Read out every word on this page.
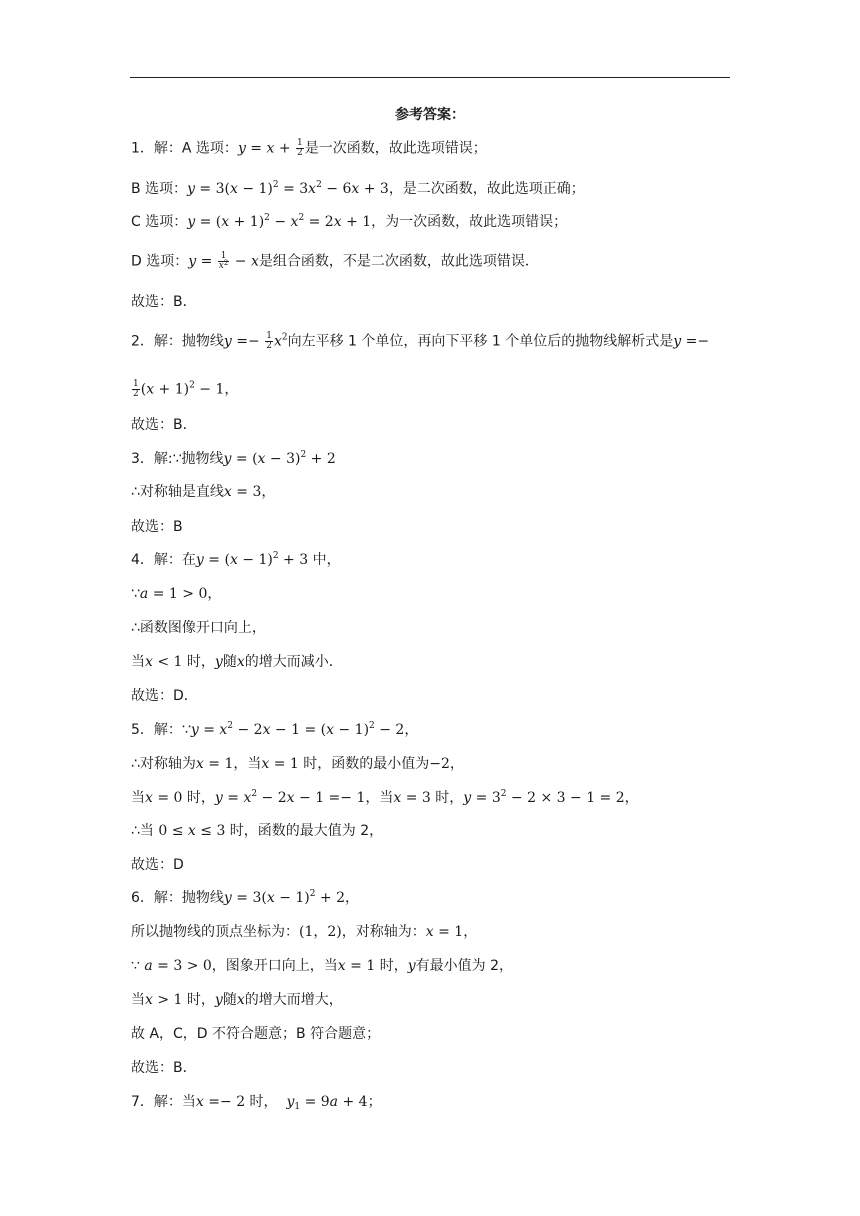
参考答案：
1．解：A 选项：$y = x + \frac{1}{2}$ 是一次函数，故此选项错误；
B 选项：$y = 3(x - 1)^2 = 3x^2 - 6x + 3$，是二次函数，故此选项正确；
C 选项：$y = (x + 1)^2 - x^2 = 2x + 1$，为一次函数，故此选项错误；
D 选项：$y = \frac{1}{x^2} - x$是组合函数，不是二次函数，故此选项错误．
故选：B．
2．解：抛物线$y =- \frac{1}{2} x^2$向左平移 1 个单位，再向下平移 1 个单位后的抛物线解析式是y =−
$\frac{1}{2} (x + 1)^2 - 1$，
故选：B．
3．解:∵抛物线$y = (x - 3)^2 + 2$
∴对称轴是直线x = 3，
故选：B
4．解：在$y = (x - 1)^2 + 3$ 中，
∵a = 1 > 0，
∴函数图像开口向上，
当x < 1 时，y随x的增大而减小．
故选：D．
5．解：∵y = $x^2 - 2x - 1 = (x - 1)^2 - 2$，
∴对称轴为x = 1，当x = 1 时，函数的最小值为−2，
当x = 0 时，$y = x^2 - 2x - 1 =- 1$，当x = 3 时，$y = 3^2 - 2 \times 3 - 1 = 2$，
∴当 0 ≤ x ≤ 3 时，函数的最大值为 2，
故选：D
6．解：抛物线$y = 3(x - 1)^2 + 2$，
所以抛物线的顶点坐标为：(1，2)，对称轴为：x = 1，
∵ a = 3 > 0，图象开口向上，当x = 1 时，y有最小值为 2，
当x > 1 时，y随x的增大而增大，
故 A，C，D 不符合题意；B 符合题意；
故选：B．
7．解：当x =− 2 时， $y_1 = 9a + 4$；
